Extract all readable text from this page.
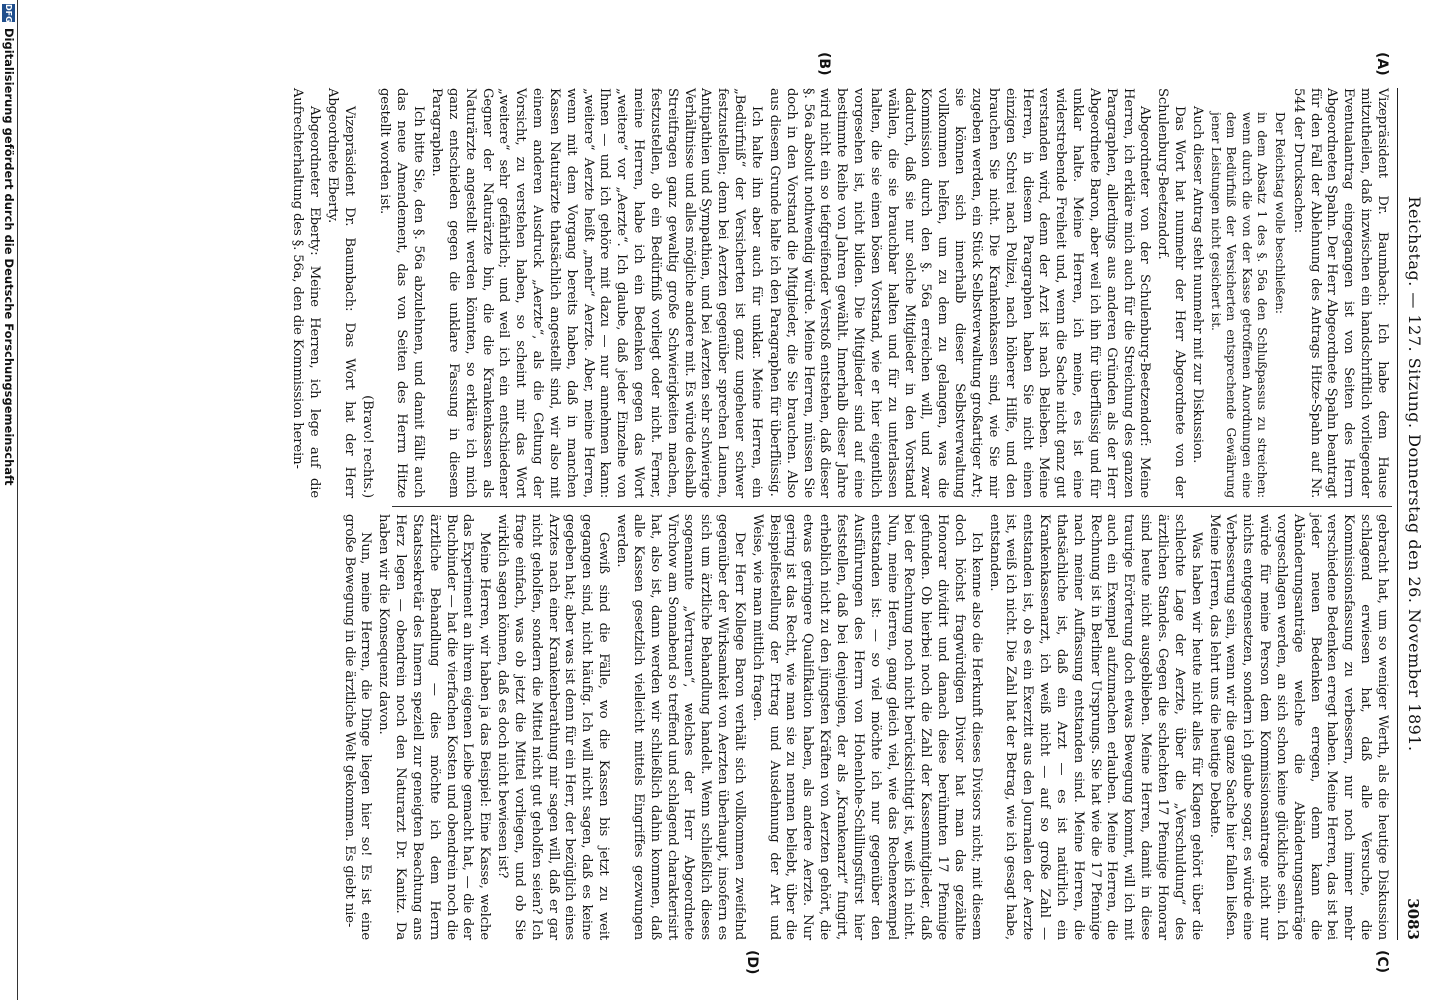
Reichstag. — 127. Sitzung. Donnerstag den 26. November 1891.
3083
(A)
(B)
(C)
(D)

Vizepräsident Dr. Baumbach: Ich habe dem Hause mitzutheilen, daß inzwischen ein handschriftlich vorliegender Eventualantrag eingegangen ist von Seiten des Herrn Abgeordneten Spahn. Der Herr Abgeordnete Spahn beantragt für den Fall der Ablehnung des Antrags Hitze-Spahn auf Nr. 544 der Drucksachen:

Der Reichstag wolle beschließen:

in dem Absatz 1 des §. 56a den Schlußpassus zu streichen: wenn durch die von der Kasse getroffenen Anordnungen eine dem Bedürfniß der Versicherten entsprechende Gewährung jener Leistungen nicht gesichert ist.

Auch dieser Antrag steht nunmehr mit zur Diskussion.

Das Wort hat nunmehr der Herr Abgeordnete von der Schulenburg-Beetzendorf.

Abgeordneter von der Schulenburg-Beetzendorf: Meine Herren, ich erkläre mich auch für die Streichung des ganzen Paragraphen, allerdings aus anderen Gründen als der Herr Abgeordnete Baron, aber weil ich ihn für überflüssig und für unklar halte. Meine Herren, ich meine, es ist eine widerstrebende Freiheit und, wenn die Sache nicht ganz gut verstanden wird, denn der Arzt ist nach Belieben. Meine Herren, in diesem Paragraphen haben Sie nicht einen einzigen Schrei nach Polizei, nach höherer Hilfe, und den brauchen Sie nicht. Die Krankenkassen sind, wie Sie mir zugeben werden, ein Stück Selbstverwaltung großartiger Art; sie können sich innerhalb dieser Selbstverwaltung vollkommen helfen, um zu dem zu gelangen, was die Kommission durch den §. 56a erreichen will, und zwar dadurch, daß sie nur solche Mitglieder in den Vorstand wählen, die sie brauchbar halten und für zu unterlassen halten, die sie einen bösen Vorstand, wie er hier eigentlich vorgesehen ist, nicht bilden. Die Mitglieder sind auf eine bestimmte Reihe von Jahren gewählt. Innerhalb dieser Jahre wird nicht ein so tiefgreifender Verstoß entstehen, daß dieser §. 56a absolut nothwendig würde. Meine Herren, müssen Sie doch in den Vorstand die Mitglieder, die Sie brauchen. Also aus diesem Grunde halte ich den Paragraphen für überflüssig.

Ich halte ihn aber auch für unklar. Meine Herren, ein „Bedürfniß“ der Versicherten ist ganz ungeheuer schwer festzustellen; denn bei Aerzten gegenüber sprechen Launen, Antipathien und Sympathien, und bei Aerzten sehr schwierige Verhältnisse und alles mögliche andere mit. Es würde deshalb Streitfragen ganz gewaltig große Schwierigkeiten machen, festzustellen, ob ein Bedürfniß vorliegt oder nicht. Ferner, meine Herren, habe ich ein Bedenken gegen das Wort „weitere“ vor „Aerzte“. Ich glaube, daß jeder Einzelne von Ihnen — und ich gehöre mit dazu — nur annehmen kann: „weitere“ Aerzte heißt „mehr“ Aerzte. Aber, meine Herren, wenn mit dem Vorgang bereits haben, daß in manchen Kassen Naturärzte thatsächlich angestellt sind, wir also mit einem anderen Ausdruck „Aerzte“, als die Geltung der Vorsicht, zu verstehen haben, so scheint mir das Wort „weitere“ sehr gefährlich; und weil ich ein entschiedener Gegner der Naturärzte bin, die die Krankenkassen als Naturärzte angestellt werden könnten, so erkläre ich mich ganz entschieden gegen die unklare Fassung in diesem Paragraphen.

Ich bitte Sie, den §. 56a abzulehnen, und damit fällt auch das neue Amendement, das von Seiten des Herrn Hitze gestellt worden ist.

(Bravo! rechts.)

Vizepräsident Dr. Baumbach: Das Wort hat der Herr Abgeordnete Eberty.

Abgeordneter Eberty: Meine Herren, ich lege auf die Aufrechterhaltung des §. 56a, den die Kommission herein-

gebracht hat, um so weniger Werth, als die heutige Diskussion schlagend erwiesen hat, daß alle Versuche, die Kommissionsfassung zu verbessern, nur noch immer mehr verschiedene Bedenken erregt haben. Meine Herren, das ist bei jeder neuen Bedenken erregen, denn kann die Abänderungsanträge welche die Abänderungsanträge vorgeschlagen werden, an sich schon keine glückliche sein. Ich würde für meine Person dem Kommissionsantrage nicht nur nichts entgegensetzen, sondern ich glaube sogar, es würde eine Verbesserung sein, wenn wir die ganze Sache hier fallen ließen. Meine Herren, das lehrt uns die heutige Debatte.

Was haben wir heute nicht alles für Klagen gehört über die schlechte Lage der Aerzte, über die „Verschuldung“ des ärztlichen Standes. Gegen die schlechten 17 Pfennige Honorar sind heute nicht ausgeblieben. Meine Herren, damit in diese traurige Erörterung doch etwas Bewegung kommt, will ich mit auch ein Exempel aufzumachen erlauben. Meine Herren, die Rechnung ist in Berliner Ursprungs. Sie hat wie die 17 Pfennige nach meiner Auffassung entstanden sind. Meine Herren, die thatsächliche ist, daß ein Arzt — es ist natürlich ein Krankenkassenarzt, ich weiß nicht — auf so große Zahl — entstanden ist, ob es ein Exerzitt aus den Journalen der Aerzte ist, weiß ich nicht. Die Zahl hat der Betrag, wie ich gesagt habe, entstanden.

Ich kenne also die Herkunft dieses Divisors nicht; mit diesem doch höchst fragwürdigen Divisor hat man das gezählte Honorar dividirt und danach diese berühmten 17 Pfennige gefunden. Ob hierbei noch die Zahl der Kassenmitglieder, daß bei der Rechnung noch nicht berücksichtigt ist, weiß ich nicht. Nun, meine Herren, gang gleich viel, wie das Rechenexempel entstanden ist: — so viel möchte ich nur gegenüber den Ausführungen des Herrn von Hohenlohe-Schillingsfürst hier feststellen, daß bei denjenigen, der als „Krankenarzt“ fungirt, erheblich nicht zu den jüngsten Kräften von Aerzten gehört, die etwas geringere Qualifikation haben, als andere Aerzte. Nur gering ist das Recht, wie man sie zu nennen beliebt, über die Beispielfestellung der Ertrag und Ausdehnung der Art und Weise, wie man mittlich fragen.

Der Herr Kollege Baron verhält sich vollkommen zweifelnd gegenüber der Wirksamkeit von Aerzten überhaupt, insofern es sich um ärztliche Behandlung handelt. Wenn schließlich dieses sogenannte „Vertrauen“, welches der Herr Abgeordnete Virchow am Sonnabend so treffend und schlagend charakterisirt hat, also ist, dann werden wir schließlich dahin kommen, daß alle Kassen gesetzlich vielleicht mittels Eingriffes gezwungen werden.

Gewiß sind die Fälle, wo die Kassen bis jetzt zu weit gegangen sind, nicht häufig. Ich will nicht sagen, daß es keine gegeben hat; aber was ist denn für ein Herr, der bezüglich eines Arztes nach einer Krankenberathung mir sagen will, daß er gar nicht geholfen, sondern die Mittel nicht gut geholfen seien? Ich frage einfach, was ob jetzt die Mittel vorliegen, und ob Sie wirklich sagen können, daß es doch nicht bewiesen ist?

Meine Herren, wir haben ja das Beispiel: Eine Kasse, welche das Experiment an ihrem eigenen Leibe gemacht hat, — die der Buchbinder — hat die vierfachen Kosten und obendrein noch die ärztliche Behandlung — dies möchte ich dem Herrn Staatssekretär des Innern speziell zur geneigten Beachtung ans Herz legen — obendrein noch den Naturarzt Dr. Kanitz. Da haben wir die Konsequenz davon.

Nun, meine Herren, die Dinge liegen hier so! Es ist eine große Bewegung in die ärztliche Welt gekommen. Es giebt nie-

DFG
Digitalisierung gefördert durch die Deutsche Forschungsgemeinschaft
